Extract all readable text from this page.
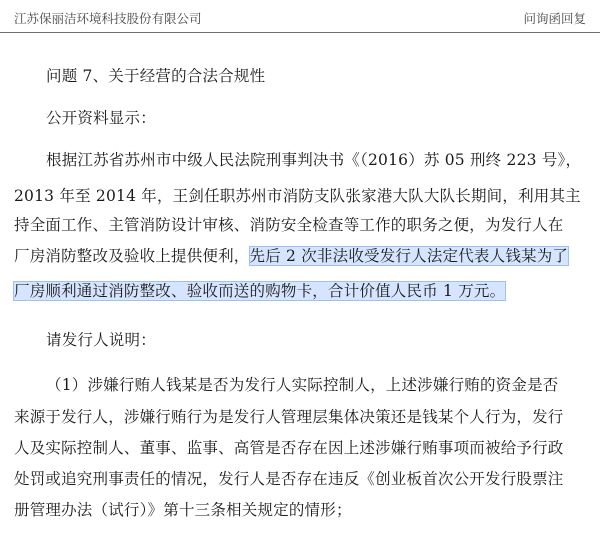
江苏保丽洁环境科技股份有限公司	问询函回复
问题 7、关于经营的合法合规性
公开资料显示：
根据江苏省苏州市中级人民法院刑事判决书《（2016）苏 05 刑终 223 号》，
2013 年至 2014 年，王剑任职苏州市消防支队张家港大队大队长期间，利用其主
持全面工作、主管消防设计审核、消防安全检查等工作的职务之便，为发行人在
厂房消防整改及验收上提供便利，先后 2 次非法收受发行人法定代表人钱某为了
厂房顺利通过消防整改、验收而送的购物卡，合计价值人民币 1 万元。
请发行人说明：
（1）涉嫌行贿人钱某是否为发行人实际控制人，上述涉嫌行贿的资金是否
来源于发行人，涉嫌行贿行为是发行人管理层集体决策还是钱某个人行为，发行
人及实际控制人、董事、监事、高管是否存在因上述涉嫌行贿事项而被给予行政
处罚或追究刑事责任的情况，发行人是否存在违反《创业板首次公开发行股票注
册管理办法（试行）》第十三条相关规定的情形；
